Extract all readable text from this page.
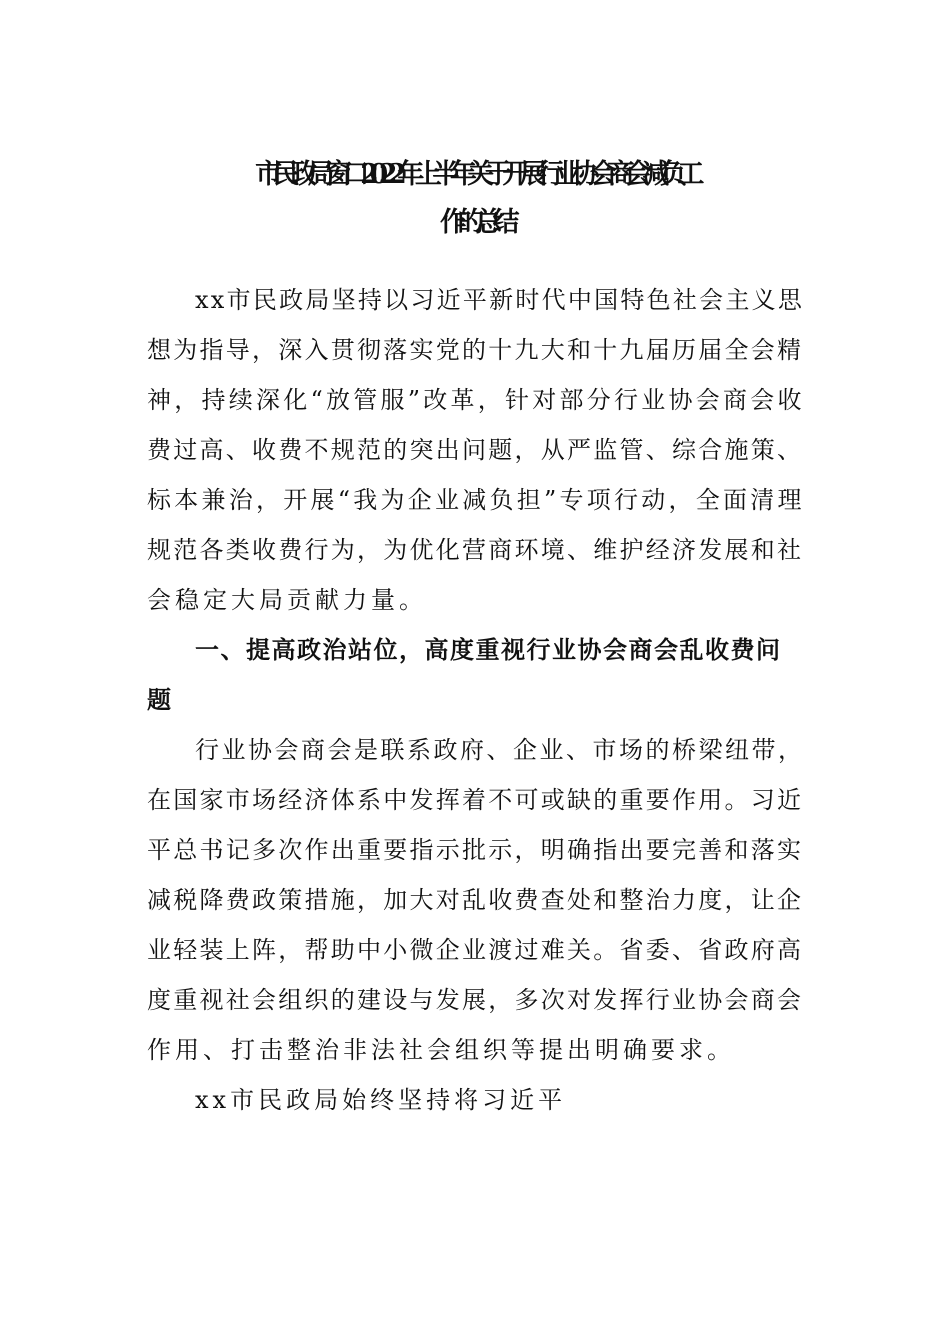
市民政局窗口2022年上半年关于开展行业协会商会减负工
作的总结
xx市民政局坚持以习近平新时代中国特色社会主义思
想为指导，深入贯彻落实党的十九大和十九届历届全会精
神，持续深化“放管服”改革，针对部分行业协会商会收
费过高、收费不规范的突出问题，从严监管、综合施策、
标本兼治，开展“我为企业减负担”专项行动，全面清理
规范各类收费行为，为优化营商环境、维护经济发展和社
会稳定大局贡献力量。
一、提高政治站位，高度重视行业协会商会乱收费问
题
行业协会商会是联系政府、企业、市场的桥梁纽带，
在国家市场经济体系中发挥着不可或缺的重要作用。习近
平总书记多次作出重要指示批示，明确指出要完善和落实
减税降费政策措施，加大对乱收费查处和整治力度，让企
业轻装上阵，帮助中小微企业渡过难关。省委、省政府高
度重视社会组织的建设与发展，多次对发挥行业协会商会
作用、打击整治非法社会组织等提出明确要求。
xx市民政局始终坚持将习近平
